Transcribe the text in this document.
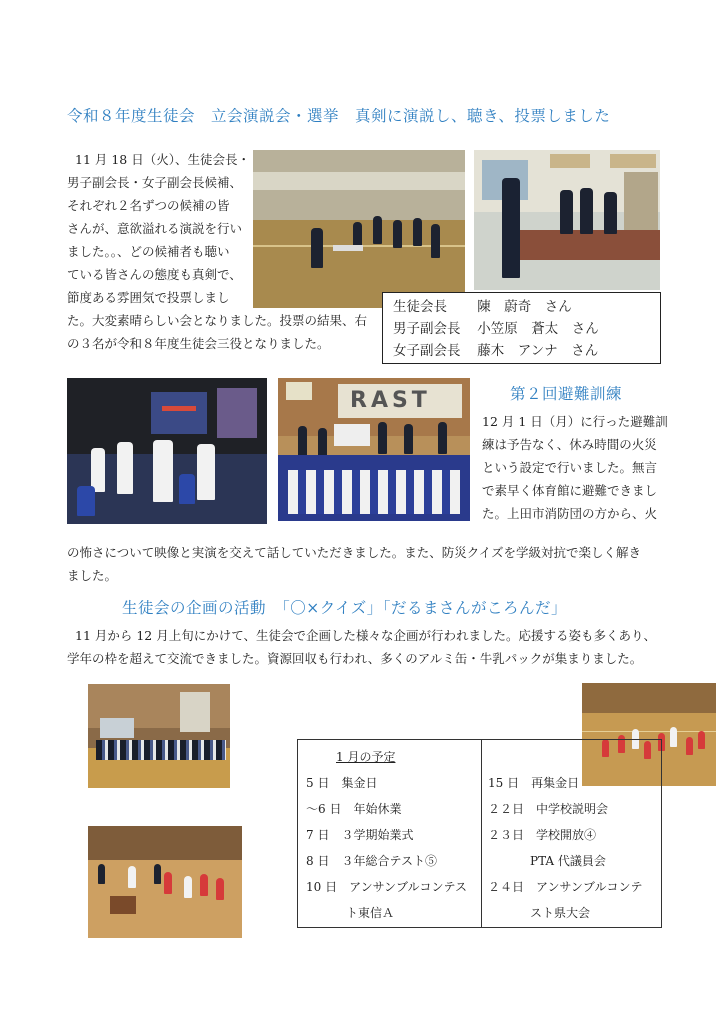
令和８年度生徒会　立会演説会・選挙　真剣に演説し、聴き、投票しました
11 月 18 日（火）、生徒会長・
男子副会長・女子副会長候補、
それぞれ２名ずつの候補の皆
さんが、意欲溢れる演説を行い
ました。。、どの候補者も聴い
ている皆さんの態度も真剣で、
節度ある雰囲気で投票しまし
た。大変素晴らしい会となりました。投票の結果、右
の３名が令和８年度生徒会三役となりました。
生徒会長 陳　蔚奇　さん
男子副会長 小笠原　蒼太　さん
女子副会長 藤木　アンナ　さん
RAST	第２回避難訓練
12 月 1 日（月）に行った避難訓
練は予告なく、休み時間の火災
という設定で行いました。無言
で素早く体育館に避難できまし
た。上田市消防団の方から、火
の怖さについて映像と実演を交えて話していただきました。また、防災クイズを学級対抗で楽しく解き
ました。
生徒会の企画の活動　「〇×クイズ」「だるまさんがころんだ」
11 月から 12 月上旬にかけて、生徒会で企画した様々な企画が行われました。応援する姿も多くあり、
学年の枠を超えて交流できました。資源回収も行われ、多くのアルミ缶・牛乳パックが集まりました。
1 月の予定
5 日　集金日
～6 日　年始休業
7 日　３学期始業式
8 日　３年総合テスト⑤
10 日　アンサンブルコンテス
ト東信Ａ
15 日　再集金日
２２日　中学校説明会
２３日　学校開放④
PTA 代議員会
２４日　アンサンブルコンテ
スト県大会
